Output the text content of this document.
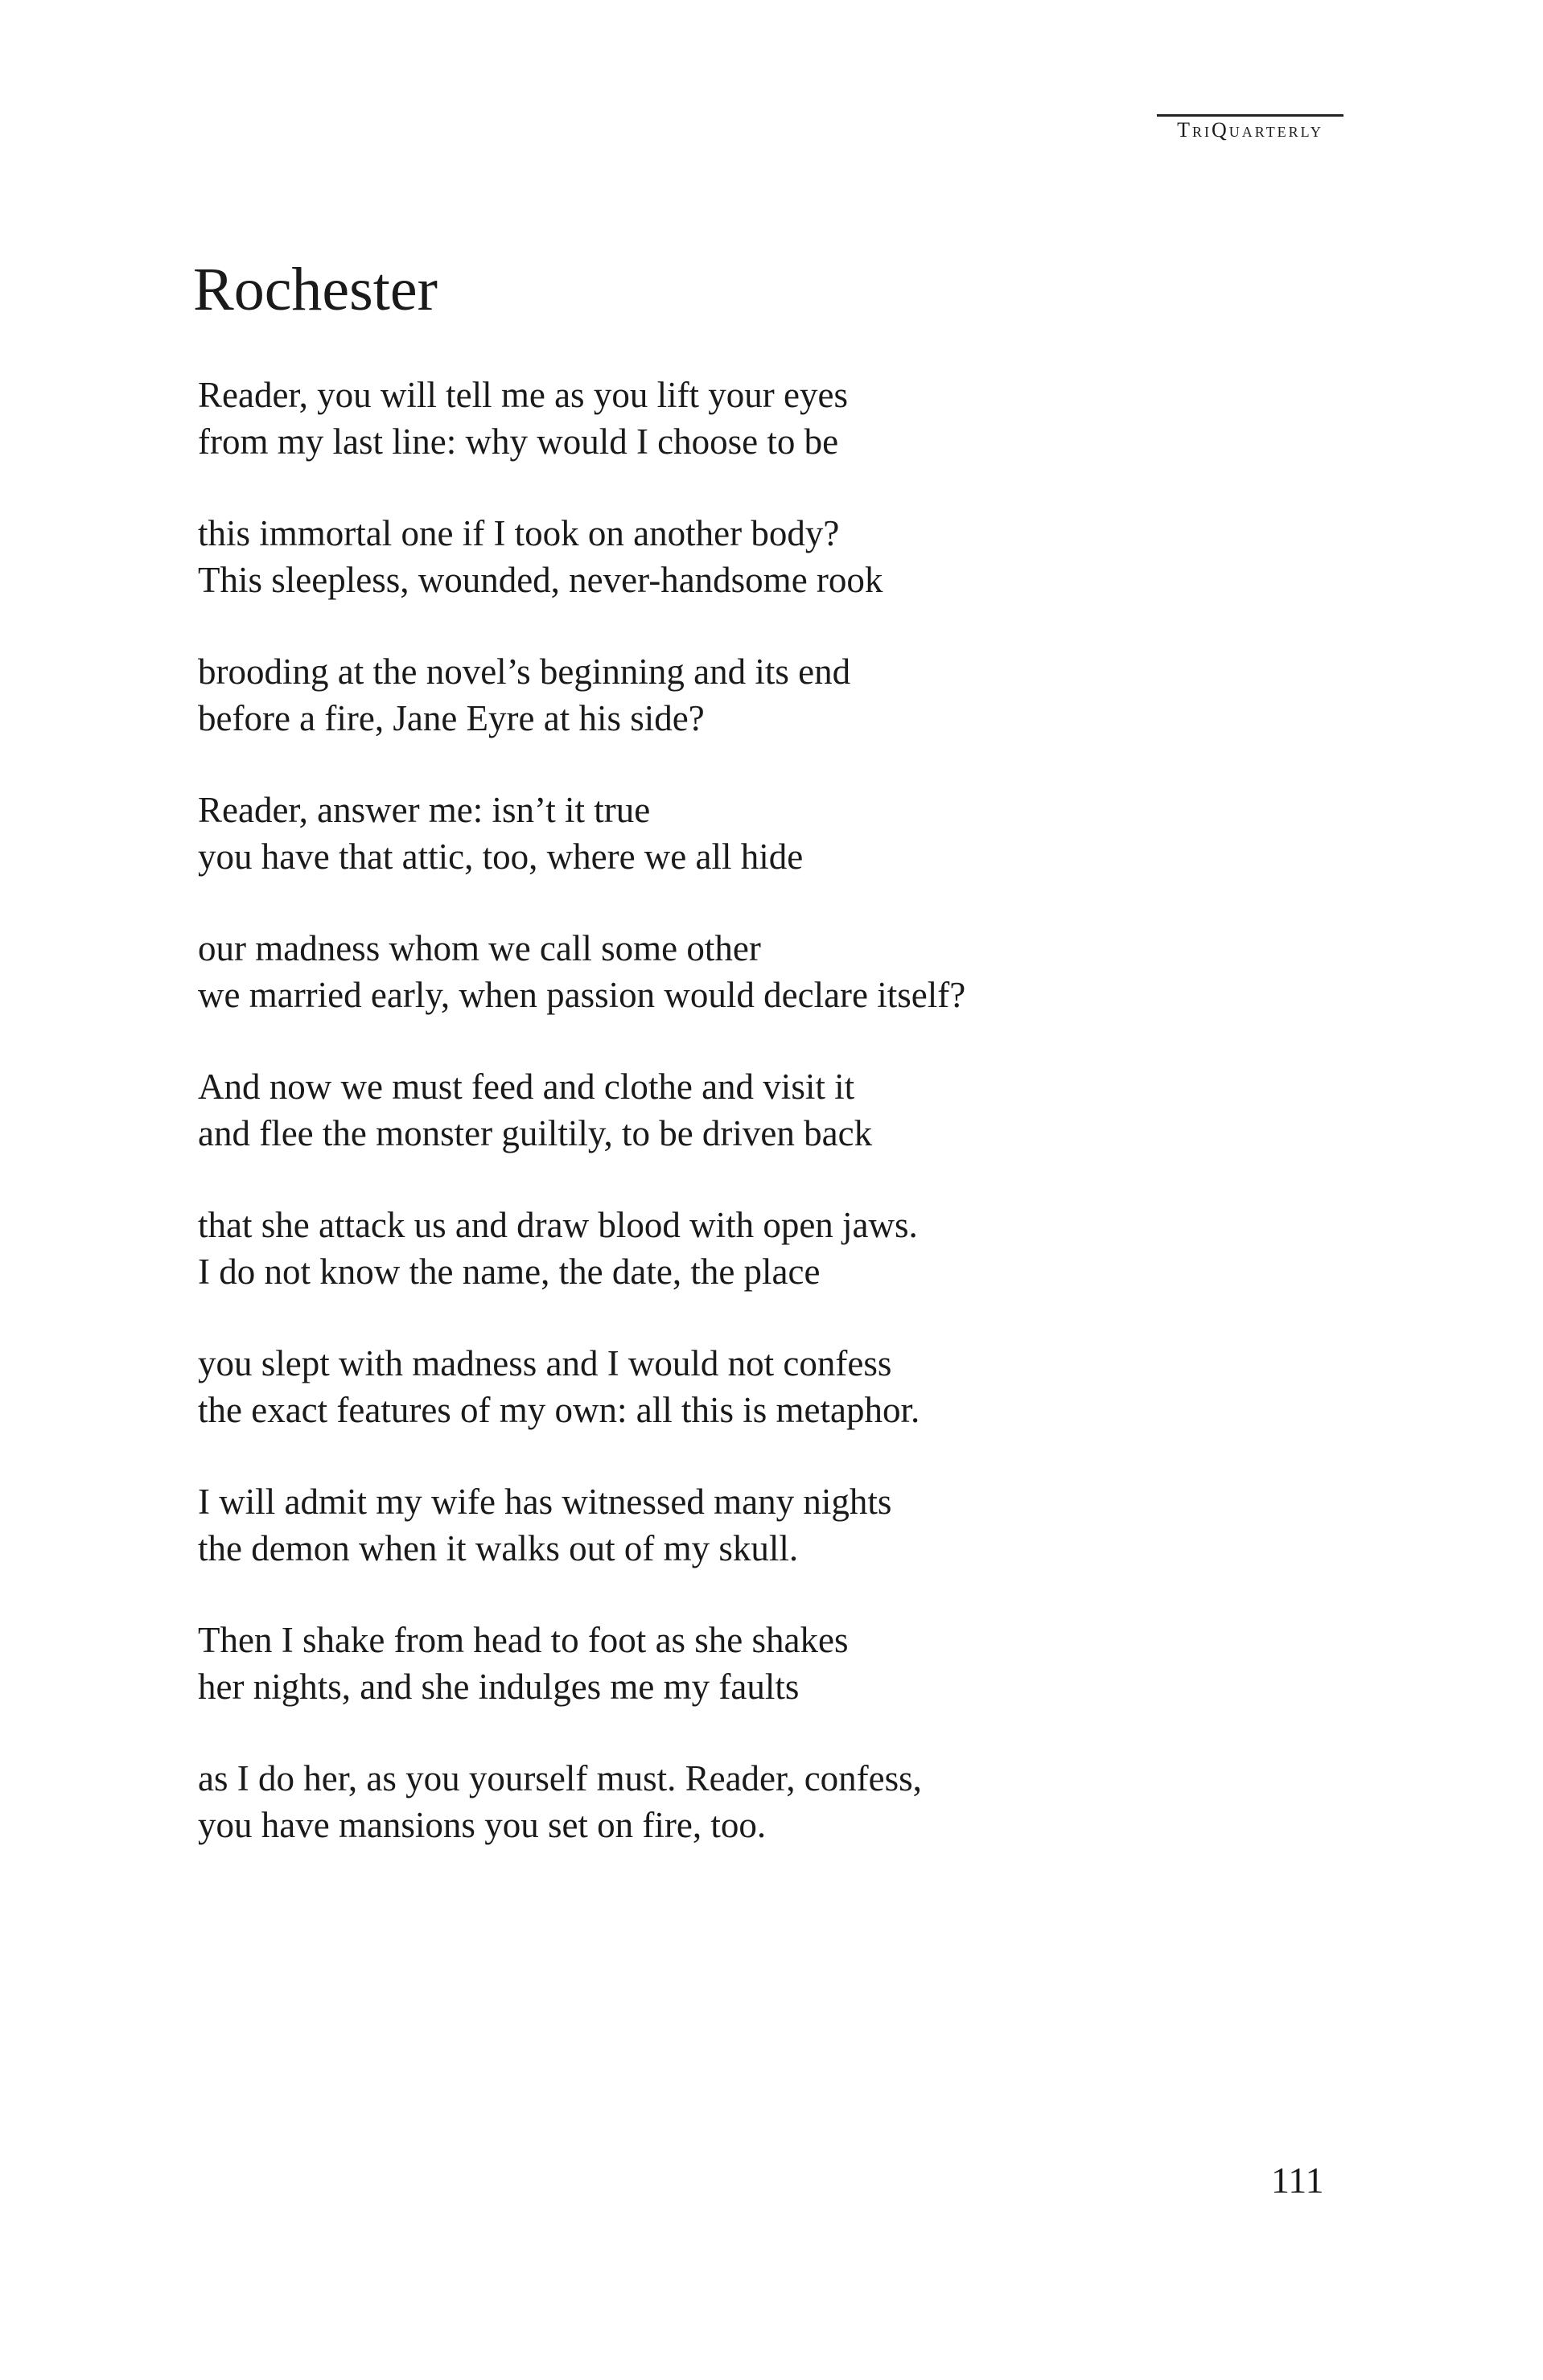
TriQuarterly
Rochester
Reader, you will tell me as you lift your eyes
from my last line: why would I choose to be
this immortal one if I took on another body?
This sleepless, wounded, never-handsome rook
brooding at the novel’s beginning and its end
before a fire, Jane Eyre at his side?
Reader, answer me: isn’t it true
you have that attic, too, where we all hide
our madness whom we call some other
we married early, when passion would declare itself?
And now we must feed and clothe and visit it
and flee the monster guiltily, to be driven back
that she attack us and draw blood with open jaws.
I do not know the name, the date, the place
you slept with madness and I would not confess
the exact features of my own: all this is metaphor.
I will admit my wife has witnessed many nights
the demon when it walks out of my skull.
Then I shake from head to foot as she shakes
her nights, and she indulges me my faults
as I do her, as you yourself must. Reader, confess,
you have mansions you set on fire, too.
111
